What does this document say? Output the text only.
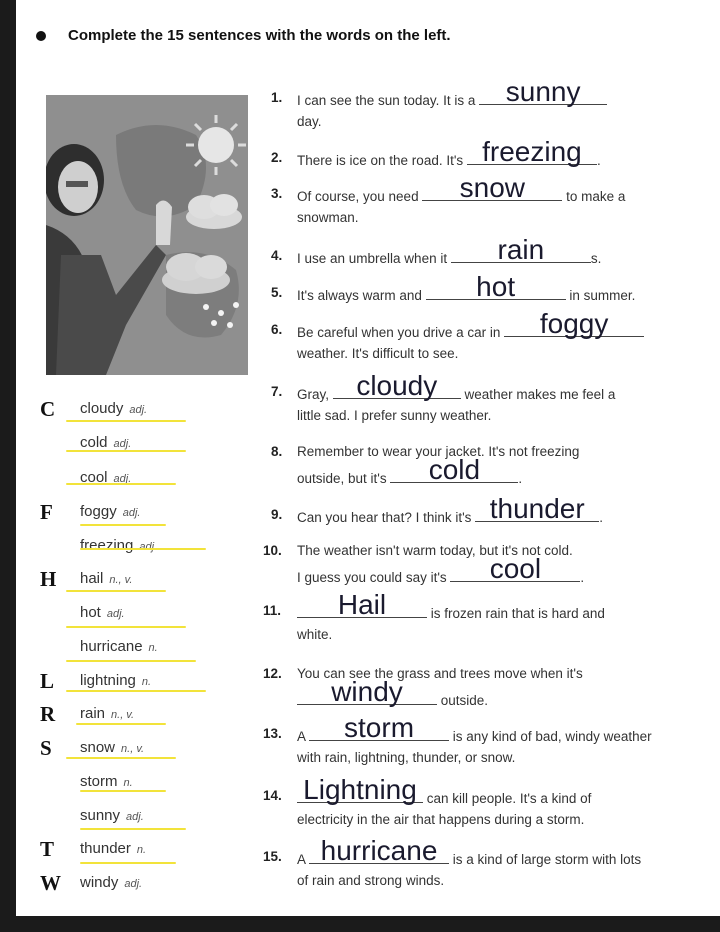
Complete the 15 sentences with the words on the left.
C cloudy adj.
cold adj.
cool adj.
F foggy adj.
freezing adj.
H hail n., v.
hot adj.
hurricane n.
L lightning n.
R rain n., v.
S snow n., v.
storm n.
sunny adj.
T thunder n.
W windy adj.
1. I can see the sun today. It is a	sunny
day.
2. There is ice on the road. It's freezing	.
3. Of course, you need	snow	to make a
snowman.
4. I use an umbrella when it	rain	s.
5. It's always warm and	hot	in summer.
6. Be careful when you drive a car in	foggy
weather. It's difficult to see.
7. Gray, cloudy	weather makes me feel a
little sad. I prefer sunny weather.
8. Remember to wear your jacket. It's not freezing
outside, but it's	cold	.
9. Can you hear that? I think it's thunder	.
10. The weather isn't warm today, but it's not cold.
I guess you could say it's	cool	.
11.	Hail	is frozen rain that is hard and
white.
12. You can see the grass and trees move when it's
windy	outside.
13. A	storm	is any kind of bad, windy weather
with rain, lightning, thunder, or snow.
14. Lightning can kill people. It's a kind of
electricity in the air that happens during a storm.
15. A hurricane	is a kind of large storm with lots
of rain and strong winds.
